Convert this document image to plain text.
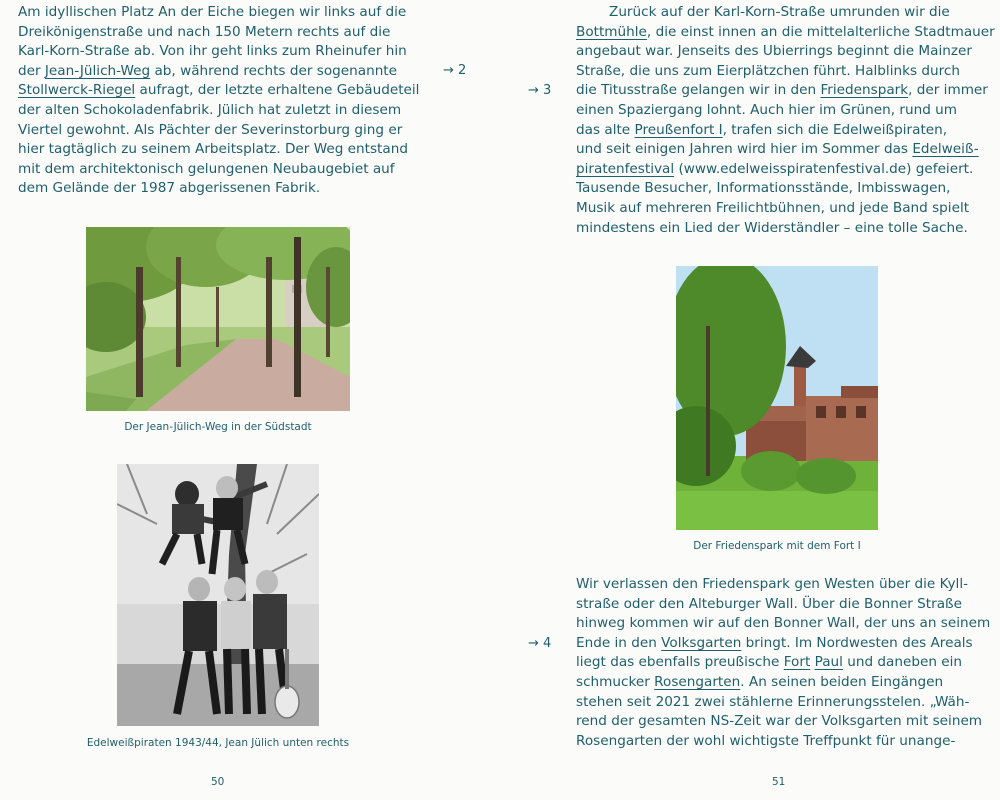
Am idyllischen Platz An der Eiche biegen wir links auf die
Dreikönigenstraße und nach 150 Metern rechts auf die
Karl-Korn-Straße ab. Von ihr geht links zum Rheinufer hin
der Jean-Jülich-Weg ab, während rechts der sogenannte
Stollwerck-Riegel aufragt, der letzte erhaltene Gebäudeteil
der alten Schokoladenfabrik. Jülich hat zuletzt in diesem
Viertel gewohnt. Als Pächter der Severinstorburg ging er
hier tagtäglich zu seinem Arbeitsplatz. Der Weg entstand
mit dem architektonisch gelungenen Neubaugebiet auf
dem Gelände der 1987 abgerissenen Fabrik.
→ 2
Der Jean-Jülich-Weg in der Südstadt
Edelweißpiraten 1943/44, Jean Jülich unten rechts
50
→ 3
Zurück auf der Karl-Korn-Straße umrunden wir die
Bottmühle, die einst innen an die mittelalterliche Stadtmauer
angebaut war. Jenseits des Ubierrings beginnt die Mainzer
Straße, die uns zum Eierplätzchen führt. Halblinks durch
die Titusstraße gelangen wir in den Friedenspark, der immer
einen Spaziergang lohnt. Auch hier im Grünen, rund um
das alte Preußenfort I, trafen sich die Edelweißpiraten,
und seit einigen Jahren wird hier im Sommer das Edelweiß-
piratenfestival (www.edelweisspiratenfestival.de) gefeiert.
Tausende Besucher, Informationsstände, Imbisswagen,
Musik auf mehreren Freilichtbühnen, und jede Band spielt
mindestens ein Lied der Widerständler – eine tolle Sache.
Der Friedenspark mit dem Fort I
→ 4
Wir verlassen den Friedenspark gen Westen über die Kyll-
straße oder den Alteburger Wall. Über die Bonner Straße
hinweg kommen wir auf den Bonner Wall, der uns an seinem
Ende in den Volksgarten bringt. Im Nordwesten des Areals
liegt das ebenfalls preußische Fort Paul und daneben ein
schmucker Rosengarten. An seinen beiden Eingängen
stehen seit 2021 zwei stählerne Erinnerungsstelen. „Wäh-
rend der gesamten NS-Zeit war der Volksgarten mit seinem
Rosengarten der wohl wichtigste Treffpunkt für unange-
51
